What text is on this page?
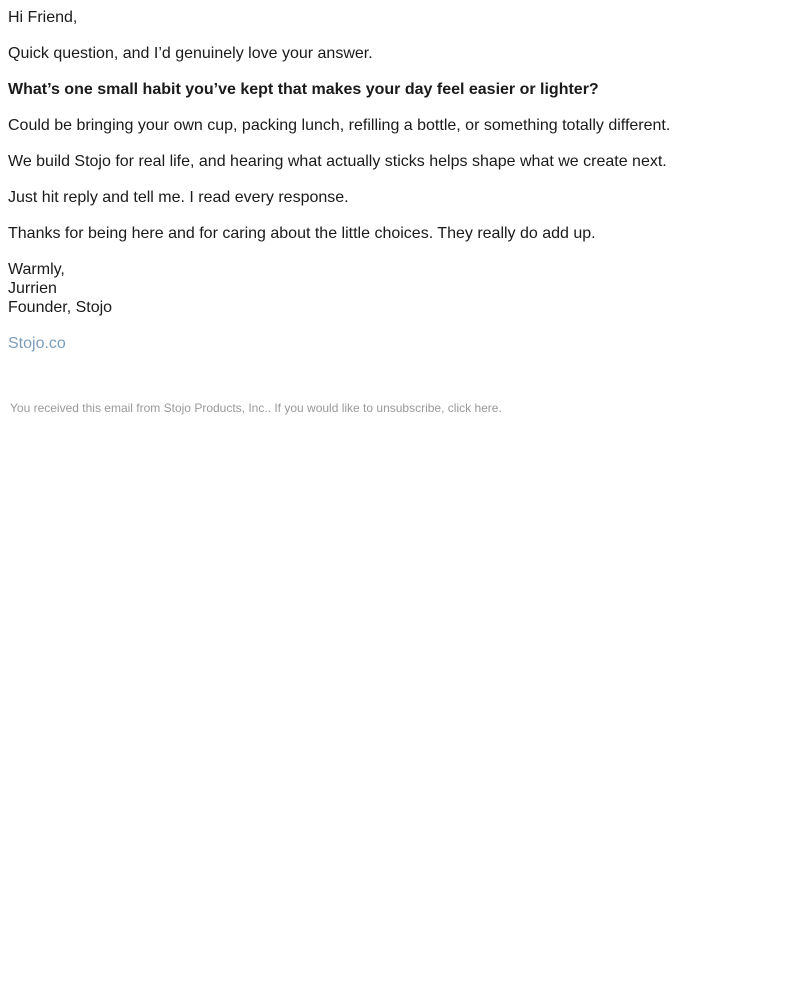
Hi Friend,

Quick question, and I’d genuinely love your answer.

What’s one small habit you’ve kept that makes your day feel easier or lighter?

Could be bringing your own cup, packing lunch, refilling a bottle, or something totally different.

We build Stojo for real life, and hearing what actually sticks helps shape what we create next.

Just hit reply and tell me. I read every response.

Thanks for being here and for caring about the little choices. They really do add up.

Warmly,
Jurrien
Founder, Stojo

Stojo.co

You received this email from Stojo Products, Inc.. If you would like to unsubscribe, click here.
